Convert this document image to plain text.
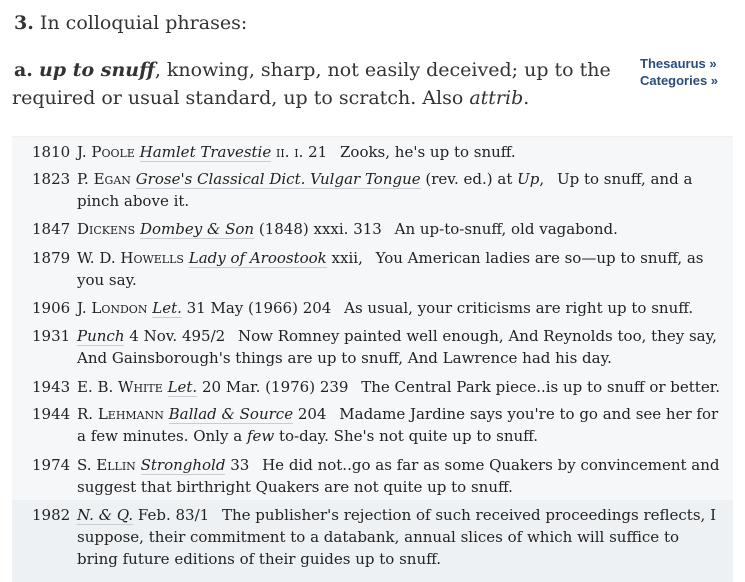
3. In colloquial phrases:
a. up to snuff, knowing, sharp, not easily deceived; up to the required or usual standard, up to scratch. Also attrib.
Thesaurus »
Categories »
1810 J. Poole Hamlet Travestie ii. i. 21 Zooks, he's up to snuff.
1823 P. Egan Grose's Classical Dict. Vulgar Tongue (rev. ed.) at Up, Up to snuff, and a pinch above it.
1847 Dickens Dombey & Son (1848) xxxi. 313 An up-to-snuff, old vagabond.
1879 W. D. Howells Lady of Aroostook xxii, You American ladies are so—up to snuff, as you say.
1906 J. London Let. 31 May (1966) 204 As usual, your criticisms are right up to snuff.
1931 Punch 4 Nov. 495/2 Now Romney painted well enough, And Reynolds too, they say, And Gainsborough's things are up to snuff, And Lawrence had his day.
1943 E. B. White Let. 20 Mar. (1976) 239 The Central Park piece..is up to snuff or better.
1944 R. Lehmann Ballad & Source 204 Madame Jardine says you're to go and see her for a few minutes. Only a few to-day. She's not quite up to snuff.
1974 S. Ellin Stronghold 33 He did not..go as far as some Quakers by convincement and suggest that birthright Quakers are not quite up to snuff.
1982 N. & Q. Feb. 83/1 The publisher's rejection of such received proceedings reflects, I suppose, their commitment to a databank, annual slices of which will suffice to bring future editions of their guides up to snuff.
